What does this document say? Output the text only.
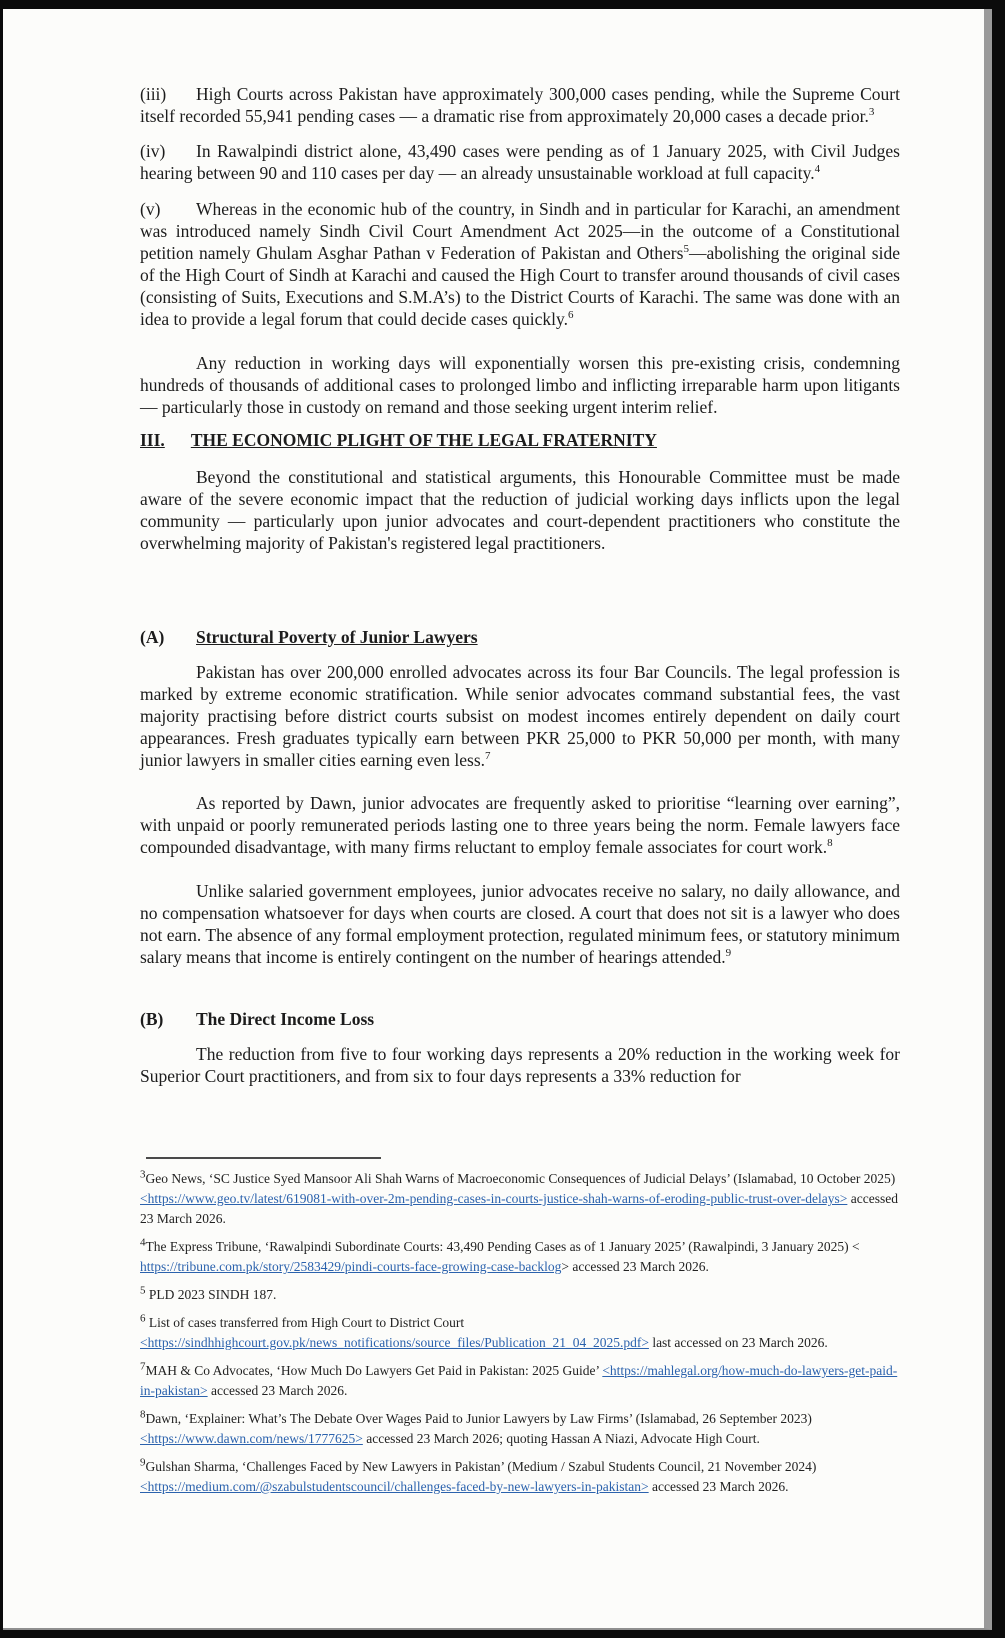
(iii) High Courts across Pakistan have approximately 300,000 cases pending, while the Supreme Court itself recorded 55,941 pending cases — a dramatic rise from approximately 20,000 cases a decade prior.$^3$
(iv) In Rawalpindi district alone, 43,490 cases were pending as of 1 January 2025, with Civil Judges hearing between 90 and 110 cases per day — an already unsustainable workload at full capacity.$^4$
(v) Whereas in the economic hub of the country, in Sindh and in particular for Karachi, an amendment was introduced namely Sindh Civil Court Amendment Act 2025—in the outcome of a Constitutional petition namely Ghulam Asghar Pathan v Federation of Pakistan and Others$^5$—abolishing the original side of the High Court of Sindh at Karachi and caused the High Court to transfer around thousands of civil cases (consisting of Suits, Executions and S.M.A’s) to the District Courts of Karachi. The same was done with an idea to provide a legal forum that could decide cases quickly.$^6$
Any reduction in working days will exponentially worsen this pre-existing crisis, condemning hundreds of thousands of additional cases to prolonged limbo and inflicting irreparable harm upon litigants — particularly those in custody on remand and those seeking urgent interim relief.
III. THE ECONOMIC PLIGHT OF THE LEGAL FRATERNITY
Beyond the constitutional and statistical arguments, this Honourable Committee must be made aware of the severe economic impact that the reduction of judicial working days inflicts upon the legal community — particularly upon junior advocates and court-dependent practitioners who constitute the overwhelming majority of Pakistan's registered legal practitioners.
(A) Structural Poverty of Junior Lawyers
Pakistan has over 200,000 enrolled advocates across its four Bar Councils. The legal profession is marked by extreme economic stratification. While senior advocates command substantial fees, the vast majority practising before district courts subsist on modest incomes entirely dependent on daily court appearances. Fresh graduates typically earn between PKR 25,000 to PKR 50,000 per month, with many junior lawyers in smaller cities earning even less.$^7$
As reported by Dawn, junior advocates are frequently asked to prioritise “learning over earning”, with unpaid or poorly remunerated periods lasting one to three years being the norm. Female lawyers face compounded disadvantage, with many firms reluctant to employ female associates for court work.$^8$
Unlike salaried government employees, junior advocates receive no salary, no daily allowance, and no compensation whatsoever for days when courts are closed. A court that does not sit is a lawyer who does not earn. The absence of any formal employment protection, regulated minimum fees, or statutory minimum salary means that income is entirely contingent on the number of hearings attended.$^9$
(B) The Direct Income Loss
The reduction from five to four working days represents a 20% reduction in the working week for Superior Court practitioners, and from six to four days represents a 33% reduction for
$^3$Geo News, ‘SC Justice Syed Mansoor Ali Shah Warns of Macroeconomic Consequences of Judicial Delays’ (Islamabad, 10 October 2025) <https://www.geo.tv/latest/619081-with-over-2m-pending-cases-in-courts-justice-shah-warns-of-eroding-public-trust-over-delays> accessed 23 March 2026.
$^4$The Express Tribune, ‘Rawalpindi Subordinate Courts: 43,490 Pending Cases as of 1 January 2025’ (Rawalpindi, 3 January 2025) < https://tribune.com.pk/story/2583429/pindi-courts-face-growing-case-backlog> accessed 23 March 2026.
$^5$ PLD 2023 SINDH 187.
$^6$ List of cases transferred from High Court to District Court
<https://sindhhighcourt.gov.pk/news_notifications/source_files/Publication_21_04_2025.pdf> last accessed on 23 March 2026.
$^7$MAH & Co Advocates, ‘How Much Do Lawyers Get Paid in Pakistan: 2025 Guide’ <https://mahlegal.org/how-much-do-lawyers-get-paid-in-pakistan> accessed 23 March 2026.
$^8$Dawn, ‘Explainer: What’s The Debate Over Wages Paid to Junior Lawyers by Law Firms’ (Islamabad, 26 September 2023) <https://www.dawn.com/news/1777625> accessed 23 March 2026; quoting Hassan A Niazi, Advocate High Court.
$^9$Gulshan Sharma, ‘Challenges Faced by New Lawyers in Pakistan’ (Medium / Szabul Students Council, 21 November 2024) <https://medium.com/@szabulstudentscouncil/challenges-faced-by-new-lawyers-in-pakistan> accessed 23 March 2026.
